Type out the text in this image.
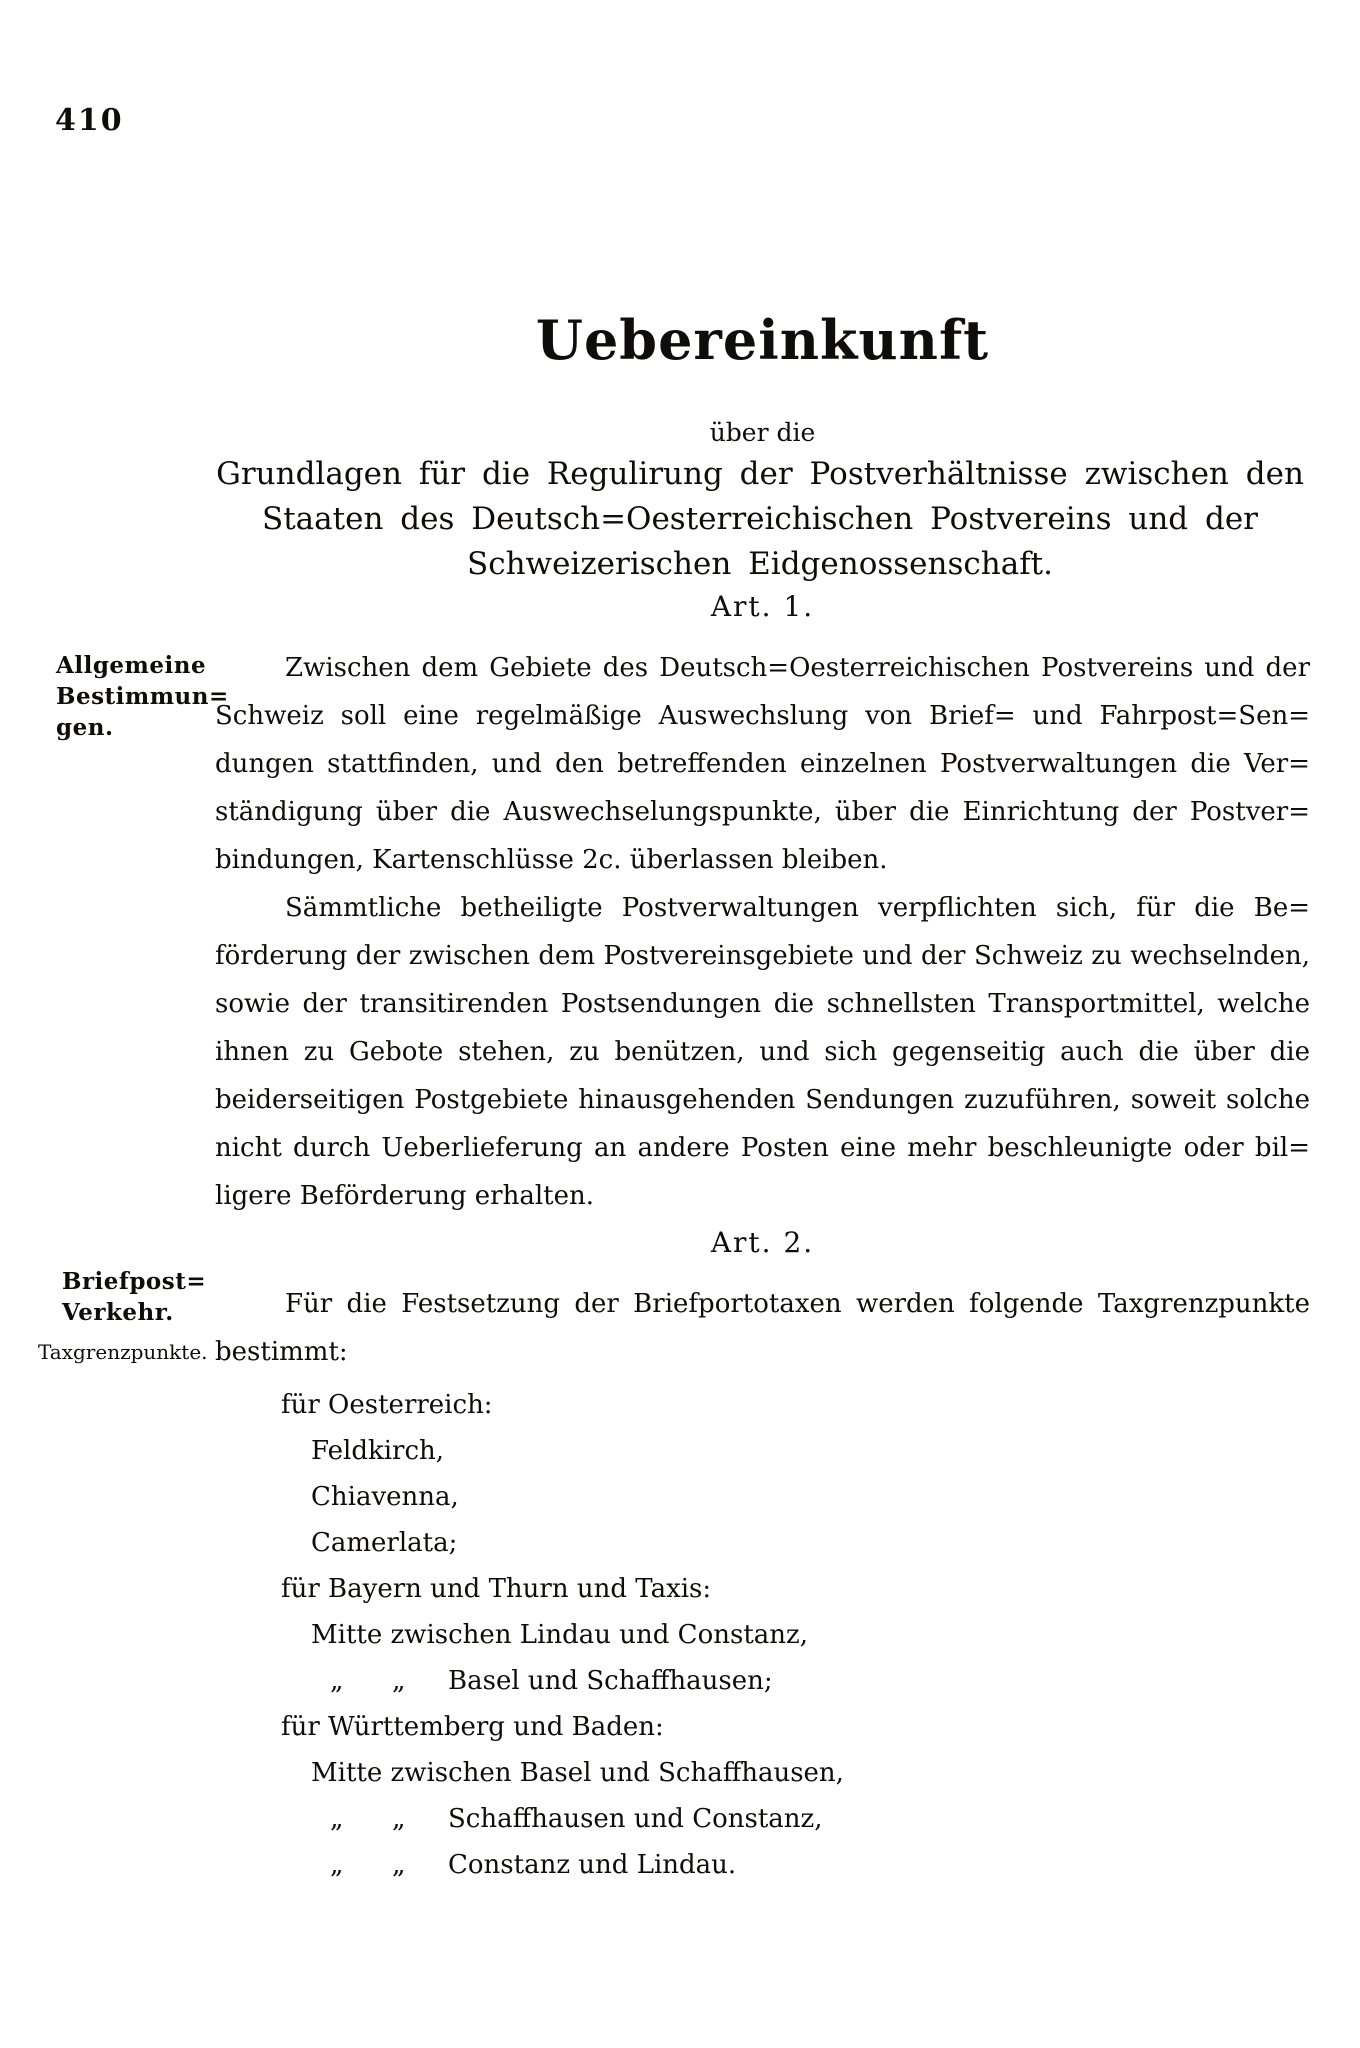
410
Uebereinkunft
über die
Grundlagen für die Regulirung der Postverhältnisse zwischen den
Staaten des Deutsch=Oesterreichischen Postvereins und der
Schweizerischen Eidgenossenschaft.
Art. 1.
Allgemeine
Bestimmun=
gen.
Zwischen dem Gebiete des Deutsch=Oesterreichischen Postvereins und der
Schweiz soll eine regelmäßige Auswechslung von Brief= und Fahrpost=Sen=
dungen stattfinden, und den betreffenden einzelnen Postverwaltungen die Ver=
ständigung über die Auswechselungspunkte, über die Einrichtung der Postver=
bindungen, Kartenschlüsse 2c. überlassen bleiben.
Sämmtliche betheiligte Postverwaltungen verpflichten sich, für die Be=
förderung der zwischen dem Postvereinsgebiete und der Schweiz zu wechselnden,
sowie der transitirenden Postsendungen die schnellsten Transportmittel, welche
ihnen zu Gebote stehen, zu benützen, und sich gegenseitig auch die über die
beiderseitigen Postgebiete hinausgehenden Sendungen zuzuführen, soweit solche
nicht durch Ueberlieferung an andere Posten eine mehr beschleunigte oder bil=
ligere Beförderung erhalten.
Art. 2.
Briefpost=
Verkehr.
Taxgrenzpunkte.
Für die Festsetzung der Briefportotaxen werden folgende Taxgrenzpunkte
bestimmt:
für Oesterreich:
Feldkirch,
Chiavenna,
Camerlata;
für Bayern und Thurn und Taxis:
Mitte zwischen Lindau und Constanz,
„ „ Basel und Schaffhausen;
für Württemberg und Baden:
Mitte zwischen Basel und Schaffhausen,
„ „ Schaffhausen und Constanz,
„ „ Constanz und Lindau.
